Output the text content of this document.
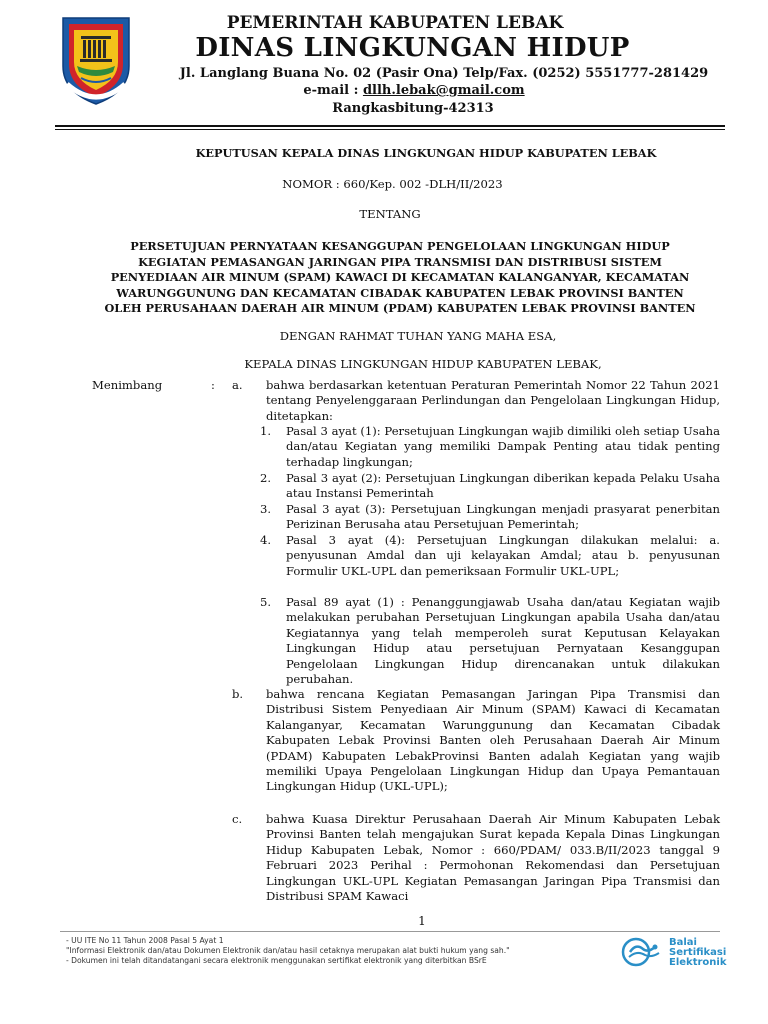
PEMERINTAH KABUPATEN LEBAK
DINAS LINGKUNGAN HIDUP
Jl. Langlang Buana No. 02 (Pasir Ona) Telp/Fax. (0252) 5551777-281429
e-mail : dllh.lebak@gmail.com
Rangkasbitung-42313
KEPUTUSAN KEPALA DINAS LINGKUNGAN HIDUP KABUPATEN LEBAK
NOMOR : 660/Kep. 002 -DLH/II/2023
TENTANG
PERSETUJUAN PERNYATAAN KESANGGUPAN PENGELOLAAN LINGKUNGAN HIDUP
KEGIATAN PEMASANGAN JARINGAN PIPA TRANSMISI DAN DISTRIBUSI SISTEM
PENYEDIAAN AIR MINUM (SPAM) KAWACI DI KECAMATAN KALANGANYAR, KECAMATAN
WARUNGGUNUNG DAN KECAMATAN CIBADAK KABUPATEN LEBAK PROVINSI BANTEN
OLEH PERUSAHAAN DAERAH AIR MINUM (PDAM) KABUPATEN LEBAK PROVINSI BANTEN
DENGAN RAHMAT TUHAN YANG MAHA ESA,
KEPALA DINAS LINGKUNGAN HIDUP KABUPATEN LEBAK,
Menimbang	: a. bahwa berdasarkan ketentuan Peraturan Pemerintah Nomor 22 Tahun 2021 tentang Penyelenggaraan Perlindungan dan Pengelolaan Lingkungan Hidup, ditetapkan:
1. Pasal 3 ayat (1): Persetujuan Lingkungan wajib dimiliki oleh setiap Usaha dan/atau Kegiatan yang memiliki Dampak Penting atau tidak penting terhadap lingkungan;
2. Pasal 3 ayat (2): Persetujuan Lingkungan diberikan kepada Pelaku Usaha atau Instansi Pemerintah
3. Pasal 3 ayat (3): Persetujuan Lingkungan menjadi prasyarat penerbitan Perizinan Berusaha atau Persetujuan Pemerintah;
4. Pasal 3 ayat (4): Persetujuan Lingkungan dilakukan melalui: a. penyusunan Amdal dan uji kelayakan Amdal; atau b. penyusunan Formulir UKL-UPL dan pemeriksaan Formulir UKL-UPL;
5. Pasal 89 ayat (1) : Penanggungjawab Usaha dan/atau Kegiatan wajib melakukan perubahan Persetujuan Lingkungan apabila Usaha dan/atau Kegiatannya yang telah memperoleh surat Keputusan Kelayakan Lingkungan Hidup atau persetujuan Pernyataan Kesanggupan Pengelolaan Lingkungan Hidup direncanakan untuk dilakukan perubahan.
b. bahwa rencana Kegiatan Pemasangan Jaringan Pipa Transmisi dan Distribusi Sistem Penyediaan Air Minum (SPAM) Kawaci di Kecamatan Kalanganyar, Kecamatan Warunggunung dan Kecamatan Cibadak Kabupaten Lebak Provinsi Banten oleh Perusahaan Daerah Air Minum (PDAM) Kabupaten LebakProvinsi Banten adalah Kegiatan yang wajib memiliki Upaya Pengelolaan Lingkungan Hidup dan Upaya Pemantauan Lingkungan Hidup (UKL-UPL);
c. bahwa Kuasa Direktur Perusahaan Daerah Air Minum Kabupaten Lebak Provinsi Banten telah mengajukan Surat kepada Kepala Dinas Lingkungan Hidup Kabupaten Lebak, Nomor : 660/PDAM/ 033.B/II/2023 tanggal 9 Februari 2023 Perihal : Permohonan Rekomendasi dan Persetujuan Lingkungan UKL-UPL Kegiatan Pemasangan Jaringan Pipa Transmisi dan Distribusi SPAM Kawaci
1
- UU ITE No 11 Tahun 2008 Pasal 5 Ayat 1
"Informasi Elektronik dan/atau Dokumen Elektronik dan/atau hasil cetaknya merupakan alat bukti hukum yang sah."
- Dokumen ini telah ditandatangani secara elektronik menggunakan sertifikat elektronik yang diterbitkan BSrE
Balai
Sertifikasi
Elektronik
